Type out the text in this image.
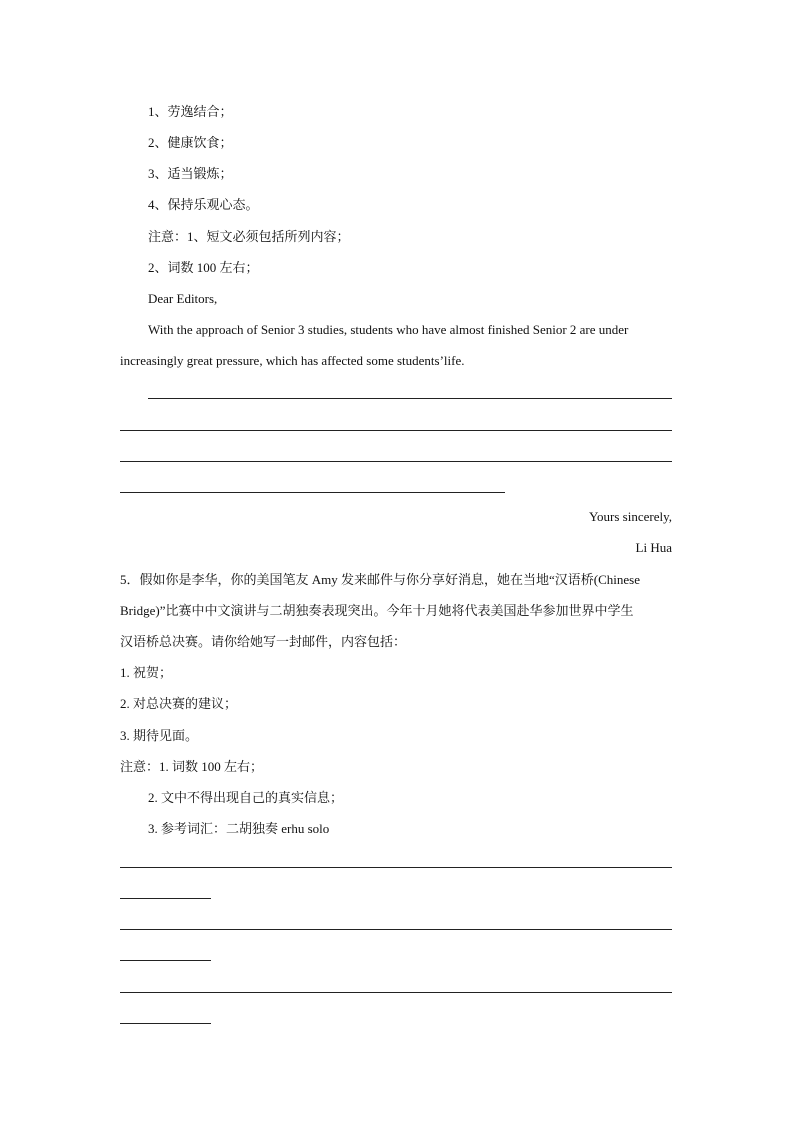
1、劳逸结合；
2、健康饮食；
3、适当锻炼；
4、保持乐观心态。
注意：1、短文必须包括所列内容；
2、词数 100 左右；
Dear Editors,
With the approach of Senior 3 studies, students who have almost finished Senior 2 are under
increasingly great pressure, which has affected some students’life.
Yours sincerely,
Li Hua
5．假如你是李华，你的美国笔友 Amy 发来邮件与你分享好消息，她在当地“汉语桥(Chinese
Bridge)”比赛中中文演讲与二胡独奏表现突出。今年十月她将代表美国赴华参加世界中学生
汉语桥总决赛。请你给她写一封邮件，内容包括：
1. 祝贺；
2. 对总决赛的建议；
3. 期待见面。
注意：1. 词数 100 左右；
2. 文中不得出现自己的真实信息；
3. 参考词汇：二胡独奏 erhu solo
